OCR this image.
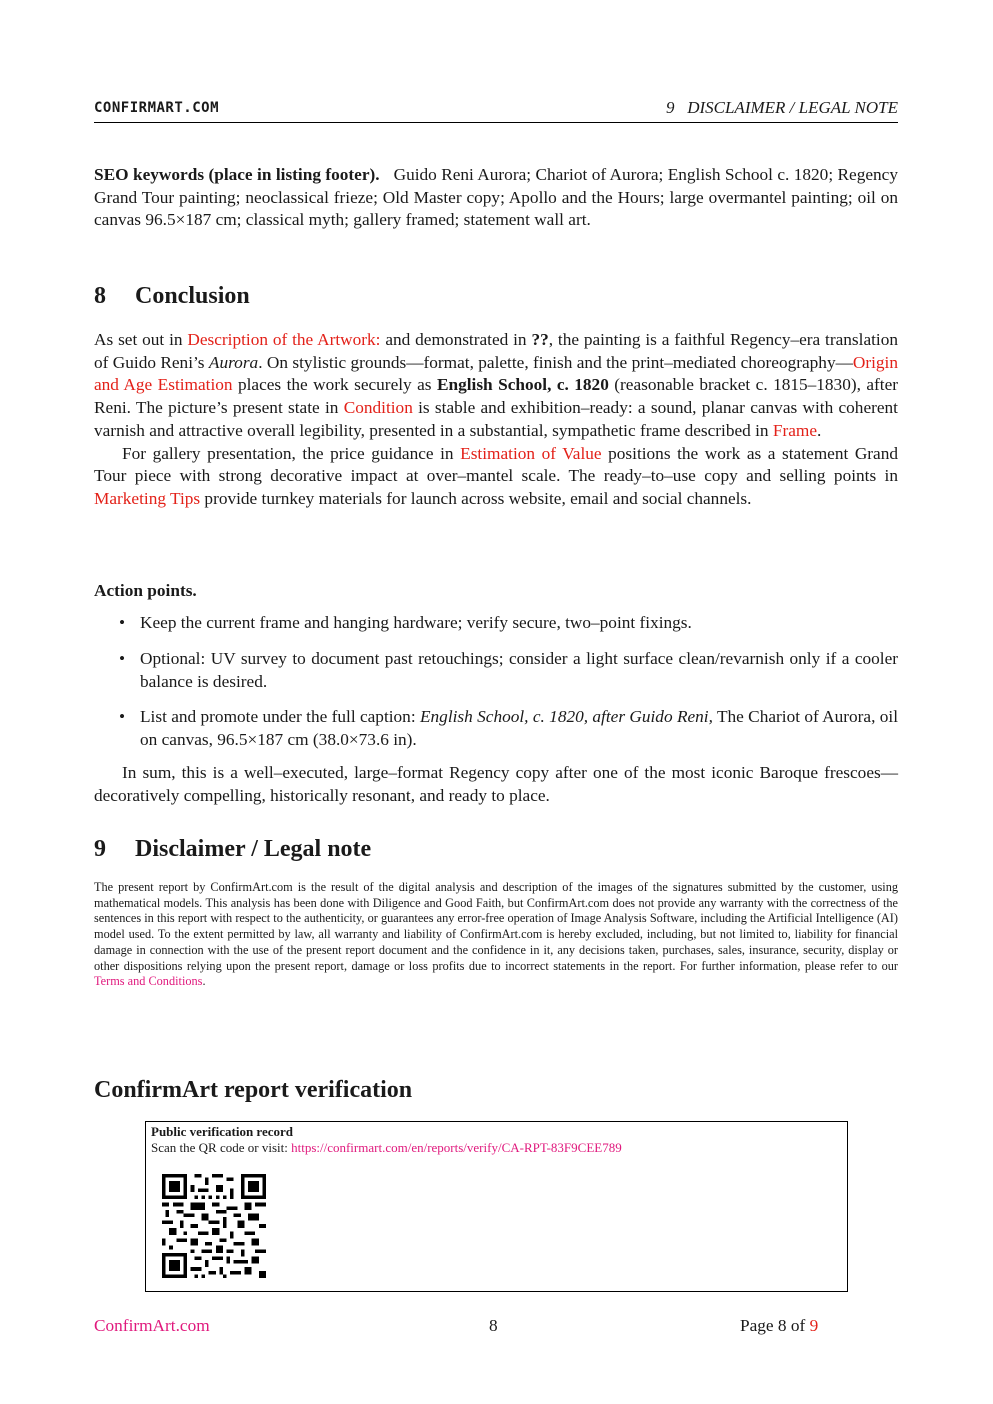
CONFIRMART.COM	9   DISCLAIMER / LEGAL NOTE
SEO keywords (place in listing footer). Guido Reni Aurora; Chariot of Aurora; English School c. 1820; Regency Grand Tour painting; neoclassical frieze; Old Master copy; Apollo and the Hours; large overmantel painting; oil on canvas 96.5×187 cm; classical myth; gallery framed; statement wall art.
8 Conclusion

As set out in Description of the Artwork: and demonstrated in ??, the painting is a faithful Regency–era translation of Guido Reni’s Aurora. On stylistic grounds—format, palette, finish and the print–mediated choreography—Origin and Age Estimation places the work securely as English School, c. 1820 (reasonable bracket c. 1815–1830), after Reni. The picture’s present state in Condition is stable and exhibition–ready: a sound, planar canvas with coherent varnish and attractive overall legibility, presented in a substantial, sympathetic frame described in Frame.

For gallery presentation, the price guidance in Estimation of Value positions the work as a statement Grand Tour piece with strong decorative impact at over–mantel scale. The ready–to–use copy and selling points in Marketing Tips provide turnkey materials for launch across website, email and social channels.

Action points.
• Keep the current frame and hanging hardware; verify secure, two–point fixings.
• Optional: UV survey to document past retouchings; consider a light surface clean/revarnish only if a cooler balance is desired.
• List and promote under the full caption: English School, c. 1820, after Guido Reni, The Chariot of Aurora, oil on canvas, 96.5×187 cm (38.0×73.6 in).
In sum, this is a well–executed, large–format Regency copy after one of the most iconic Baroque frescoes—decoratively compelling, historically resonant, and ready to place.
9 Disclaimer / Legal note
The present report by ConfirmArt.com is the result of the digital analysis and description of the images of the signatures submitted by the customer, using mathematical models. This analysis has been done with Diligence and Good Faith, but ConfirmArt.com does not provide any warranty with the correctness of the sentences in this report with respect to the authenticity, or guarantees any error-free operation of Image Analysis Software, including the Artificial Intelligence (AI) model used. To the extent permitted by law, all warranty and liability of ConfirmArt.com is hereby excluded, including, but not limited to, liability for financial damage in connection with the use of the present report document and the confidence in it, any decisions taken, purchases, sales, insurance, security, display or other dispositions relying upon the present report, damage or loss profits due to incorrect statements in the report. For further information, please refer to our Terms and Conditions.
ConfirmArt report verification
Public verification record
Scan the QR code or visit: https://confirmart.com/en/reports/verify/CA-RPT-83F9CEE789
ConfirmArt.com	8	Page 8 of 9
